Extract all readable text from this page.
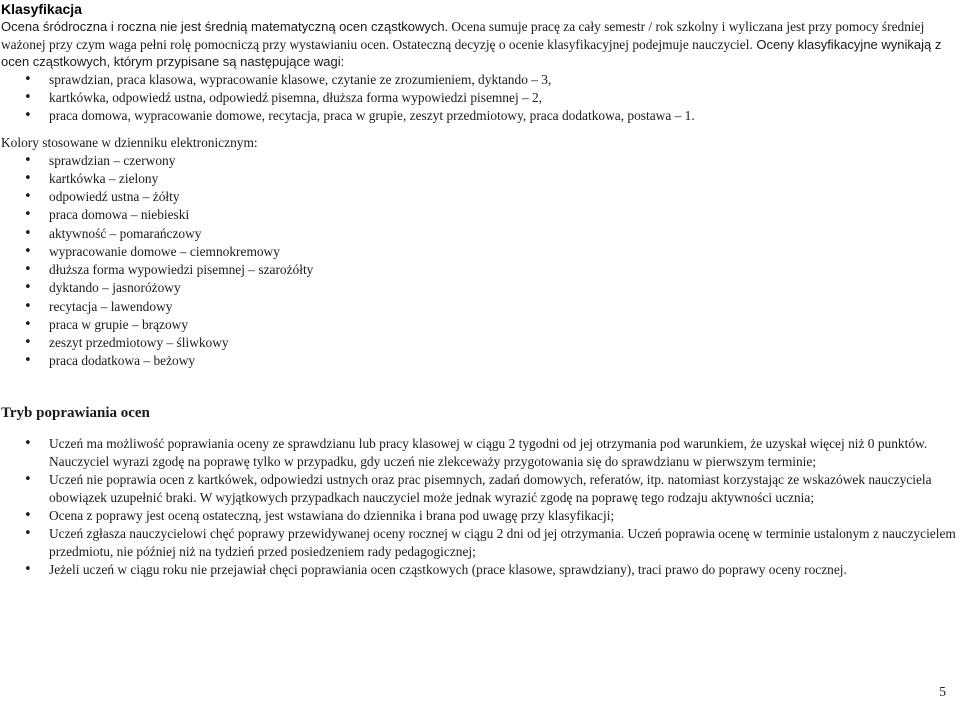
Klasyfikacja

Ocena śródroczna i roczna nie jest średnią matematyczną ocen cząstkowych. Ocena sumuje pracę za cały semestr / rok szkolny i wyliczana jest przy pomocy średniej ważonej przy czym waga pełni rolę pomocniczą przy wystawianiu ocen. Ostateczną decyzję o ocenie klasyfikacyjnej podejmuje nauczyciel. Oceny klasyfikacyjne wynikają z ocen cząstkowych, którym przypisane są następujące wagi:

• sprawdzian, praca klasowa, wypracowanie klasowe, czytanie ze zrozumieniem, dyktando – 3,
• kartkówka, odpowiedź ustna, odpowiedź pisemna, dłuższa forma wypowiedzi pisemnej – 2,
• praca domowa, wypracowanie domowe, recytacja, praca w grupie, zeszyt przedmiotowy, praca dodatkowa, postawa – 1.

Kolory stosowane w dzienniku elektronicznym:

• sprawdzian – czerwony
• kartkówka – zielony
• odpowiedź ustna – żółty
• praca domowa – niebieski
• aktywność – pomarańczowy
• wypracowanie domowe – ciemnokremowy
• dłuższa forma wypowiedzi pisemnej – szarożółty
• dyktando – jasnoróżowy
• recytacja – lawendowy
• praca w grupie – brązowy
• zeszyt przedmiotowy – śliwkowy
• praca dodatkowa – beżowy
Tryb poprawiania ocen
• Uczeń ma możliwość poprawiania oceny ze sprawdzianu lub pracy klasowej w ciągu 2 tygodni od jej otrzymania pod warunkiem, że uzyskał więcej niż 0 punktów. Nauczyciel wyrazi zgodę na poprawę tylko w przypadku, gdy uczeń nie zlekceważy przygotowania się do sprawdzianu w pierwszym terminie;
• Uczeń nie poprawia ocen z kartkówek, odpowiedzi ustnych oraz prac pisemnych, zadań domowych, referatów, itp. natomiast korzystając ze wskazówek nauczyciela obowiązek uzupełnić braki. W wyjątkowych przypadkach nauczyciel może jednak wyrazić zgodę na poprawę tego rodzaju aktywności ucznia;
• Ocena z poprawy jest oceną ostateczną, jest wstawiana do dziennika i brana pod uwagę przy klasyfikacji;
• Uczeń zgłasza nauczycielowi chęć poprawy przewidywanej oceny rocznej w ciągu 2 dni od jej otrzymania. Uczeń poprawia ocenę w terminie ustalonym z nauczycielem przedmiotu, nie później niż na tydzień przed posiedzeniem rady pedagogicznej;
• Jeżeli uczeń w ciągu roku nie przejawiał chęci poprawiania ocen cząstkowych (prace klasowe, sprawdziany), traci prawo do poprawy oceny rocznej.
5
